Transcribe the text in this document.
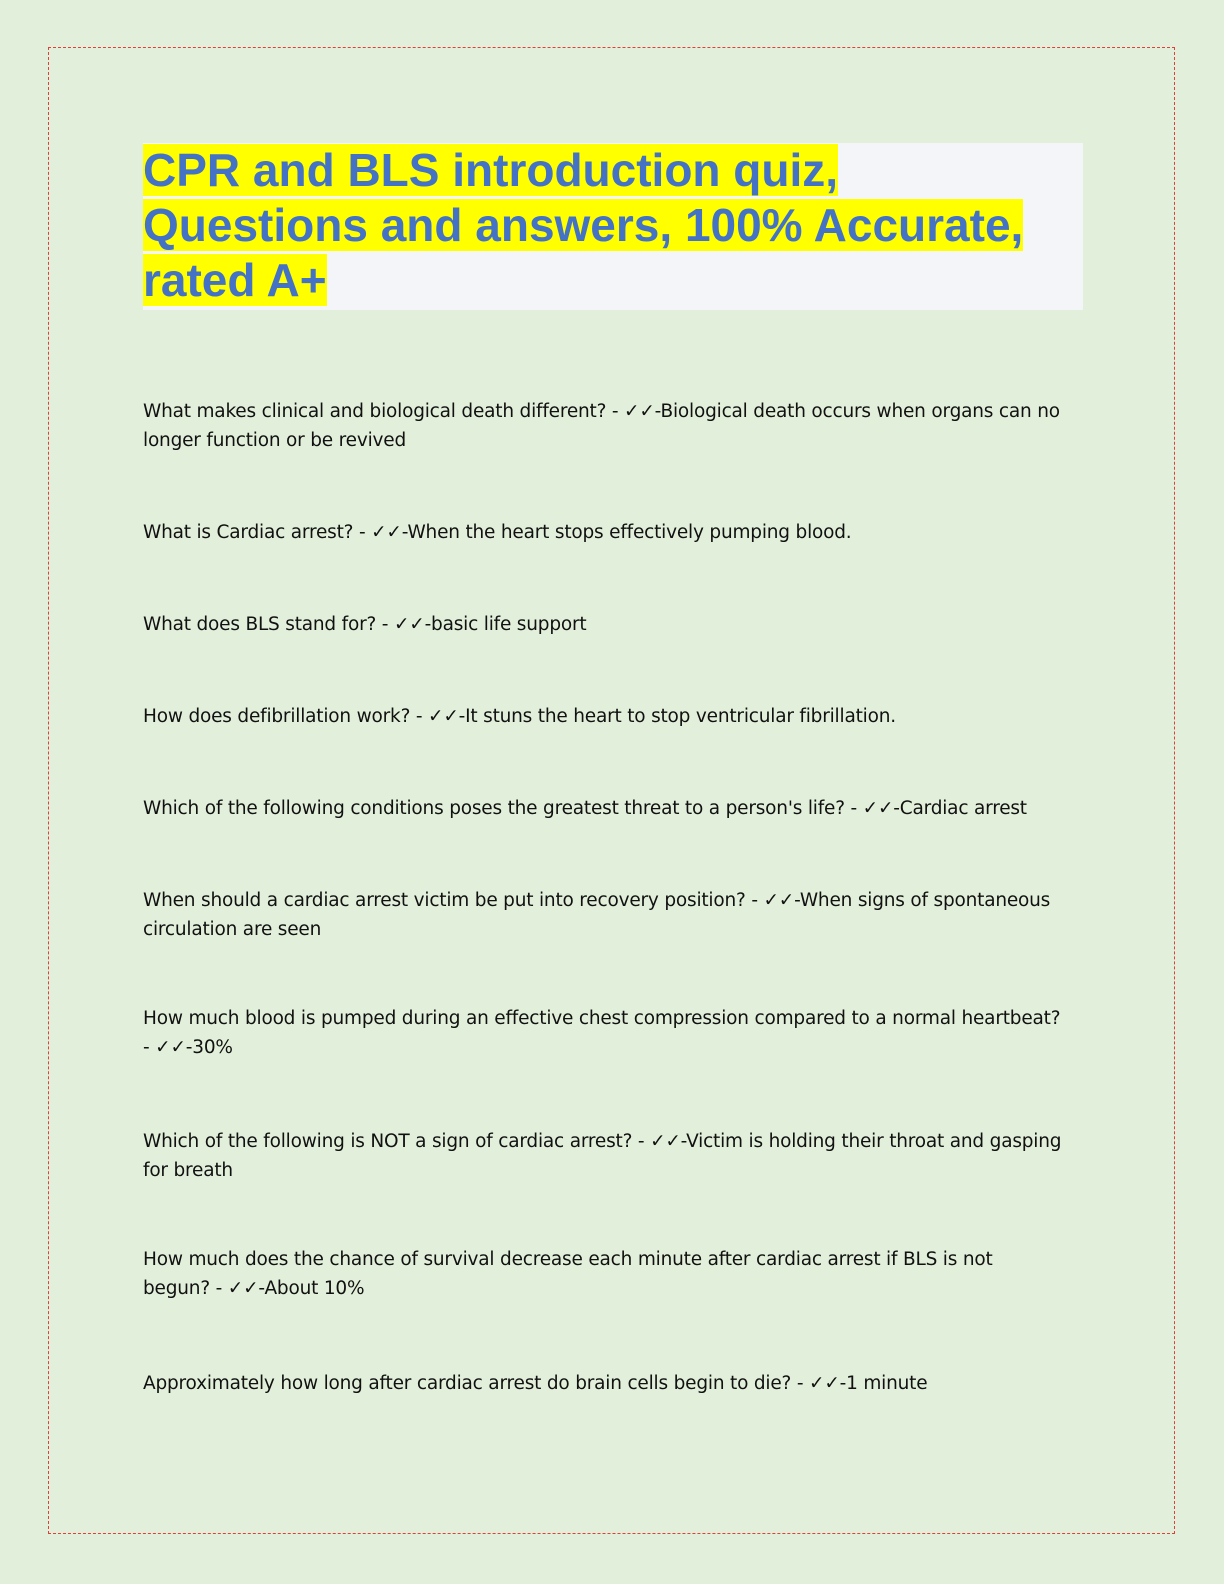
CPR and BLS introduction quiz,
Questions and answers, 100% Accurate,
rated A+

What makes clinical and biological death different? - ✓✓-Biological death occurs when organs can no longer function or be revived

What is Cardiac arrest? - ✓✓-When the heart stops effectively pumping blood.

What does BLS stand for? - ✓✓-basic life support

How does defibrillation work? - ✓✓-It stuns the heart to stop ventricular fibrillation.

Which of the following conditions poses the greatest threat to a person's life? - ✓✓-Cardiac arrest

When should a cardiac arrest victim be put into recovery position? - ✓✓-When signs of spontaneous circulation are seen

How much blood is pumped during an effective chest compression compared to a normal heartbeat? - ✓✓-30%

Which of the following is NOT a sign of cardiac arrest? - ✓✓-Victim is holding their throat and gasping for breath

How much does the chance of survival decrease each minute after cardiac arrest if BLS is not begun? - ✓✓-About 10%

Approximately how long after cardiac arrest do brain cells begin to die? - ✓✓-1 minute
